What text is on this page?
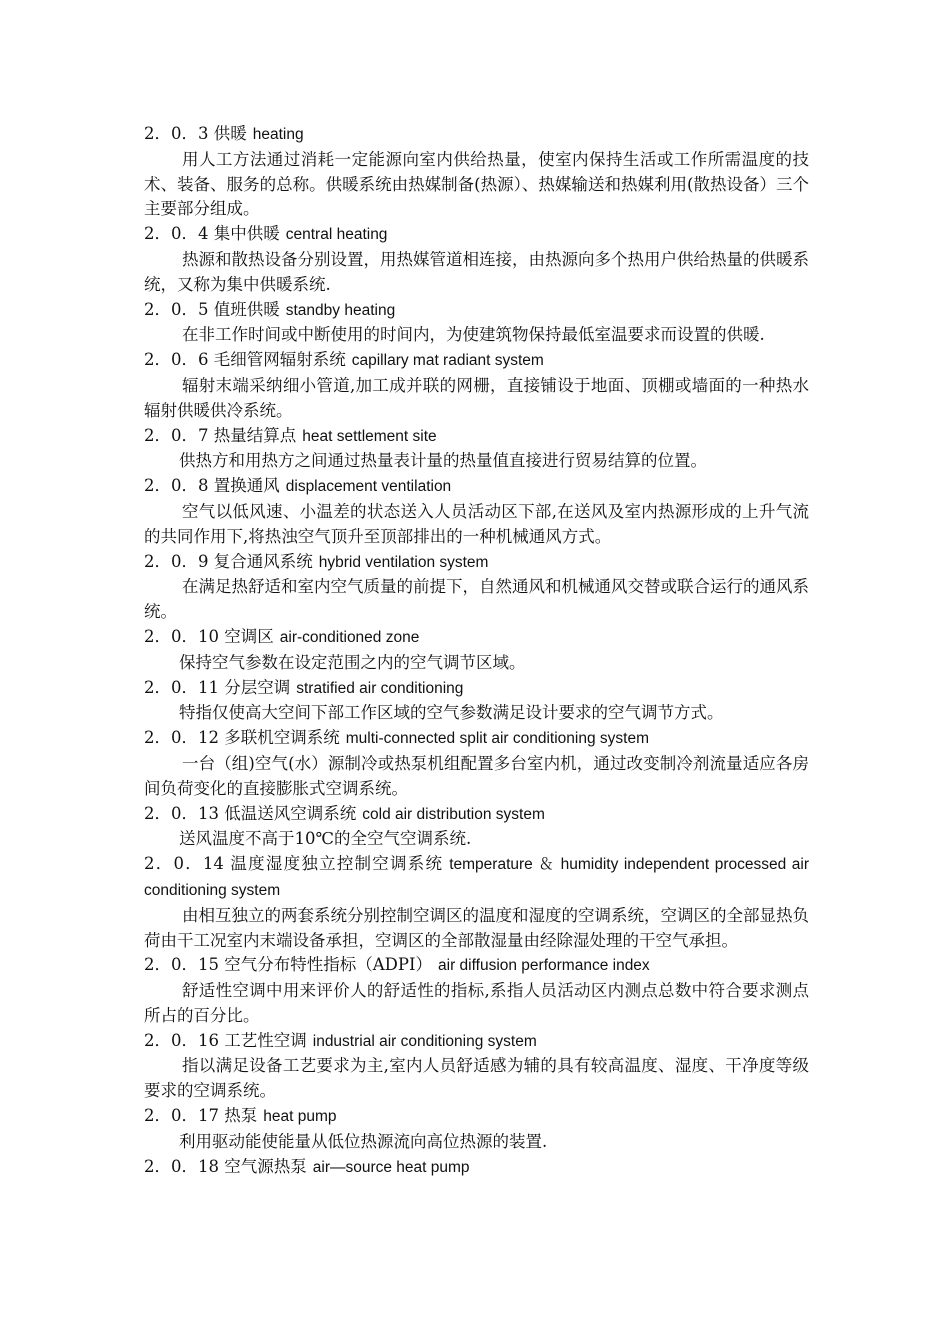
2．0．3 供暖 heating
用人工方法通过消耗一定能源向室内供给热量，使室内保持生活或工作所需温度的技术、装备、服务的总称。供暖系统由热媒制备(热源）、热媒输送和热媒利用(散热设备）三个主要部分组成。
2．0．4 集中供暖 central heating
热源和散热设备分别设置，用热媒管道相连接，由热源向多个热用户供给热量的供暖系统，又称为集中供暖系统.
2．0．5 值班供暖 standby heating
在非工作时间或中断使用的时间内，为使建筑物保持最低室温要求而设置的供暖.
2．0．6 毛细管网辐射系统 capillary mat radiant system
辐射末端采纳细小管道,加工成并联的网栅，直接铺设于地面、顶棚或墙面的一种热水辐射供暖供冷系统。
2．0．7 热量结算点 heat settlement site
供热方和用热方之间通过热量表计量的热量值直接进行贸易结算的位置。
2．0．8 置换通风 displacement ventilation
空气以低风速、小温差的状态送入人员活动区下部,在送风及室内热源形成的上升气流的共同作用下,将热浊空气顶升至顶部排出的一种机械通风方式。
2．0．9 复合通风系统 hybrid ventilation system
在满足热舒适和室内空气质量的前提下，自然通风和机械通风交替或联合运行的通风系统。
2．0．10 空调区 air-conditioned zone
保持空气参数在设定范围之内的空气调节区域。
2．0．11 分层空调 stratified air conditioning
特指仅使高大空间下部工作区域的空气参数满足设计要求的空气调节方式。
2．0．12 多联机空调系统 multi-connected split air conditioning system
一台（组)空气(水）源制冷或热泵机组配置多台室内机，通过改变制冷剂流量适应各房间负荷变化的直接膨胀式空调系统。
2．0．13 低温送风空调系统 cold air distribution system
送风温度不高于10℃的全空气空调系统.
2．0．14 温度湿度独立控制空调系统 temperature ＆ humidity independent processed air conditioning system
由相互独立的两套系统分别控制空调区的温度和湿度的空调系统，空调区的全部显热负荷由干工况室内末端设备承担，空调区的全部散湿量由经除湿处理的干空气承担。
2．0．15 空气分布特性指标（ADPI） air diffusion performance index
舒适性空调中用来评价人的舒适性的指标,系指人员活动区内测点总数中符合要求测点所占的百分比。
2．0．16 工艺性空调 industrial air conditioning system
指以满足设备工艺要求为主,室内人员舒适感为辅的具有较高温度、湿度、干净度等级要求的空调系统。
2．0．17 热泵 heat pump
利用驱动能使能量从低位热源流向高位热源的装置.
2．0．18 空气源热泵 air—source heat pump
